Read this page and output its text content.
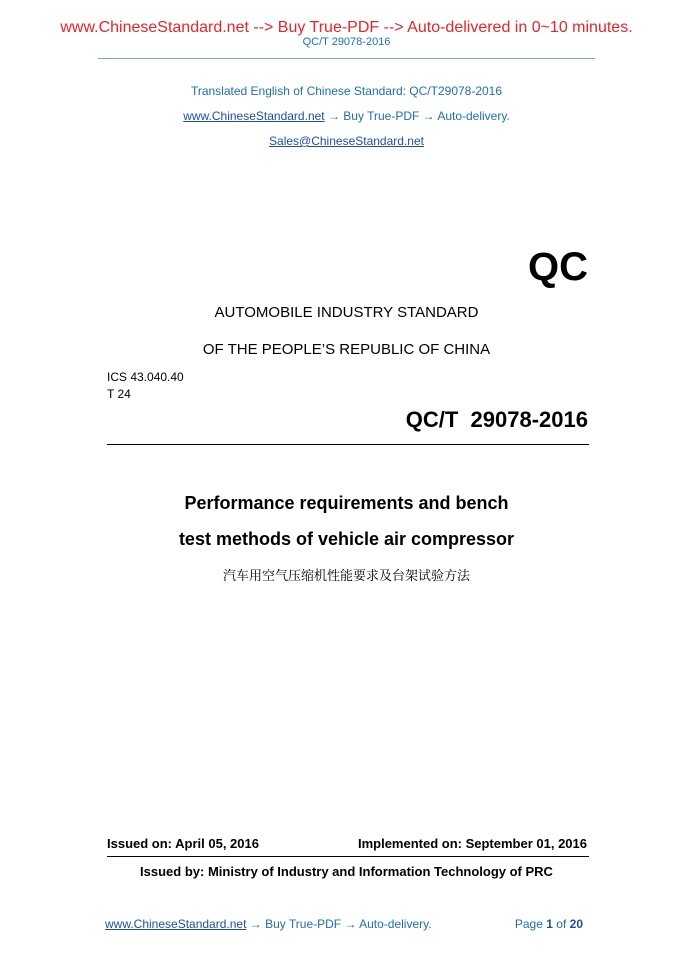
www.ChineseStandard.net --> Buy True-PDF --> Auto-delivered in 0~10 minutes.
QC/T 29078-2016
Translated English of Chinese Standard: QC/T29078-2016
www.ChineseStandard.net → Buy True-PDF → Auto-delivery.
Sales@ChineseStandard.net
QC
AUTOMOBILE INDUSTRY STANDARD
OF THE PEOPLE’S REPUBLIC OF CHINA
ICS 43.040.40
T 24
QC/T  29078-2016
Performance requirements and bench
test methods of vehicle air compressor
汽车用空气压缩机性能要求及台架试验方法
Issued on: April 05, 2016	Implemented on: September 01, 2016
Issued by: Ministry of Industry and Information Technology of PRC
www.ChineseStandard.net → Buy True-PDF → Auto-delivery.	Page 1 of 20
